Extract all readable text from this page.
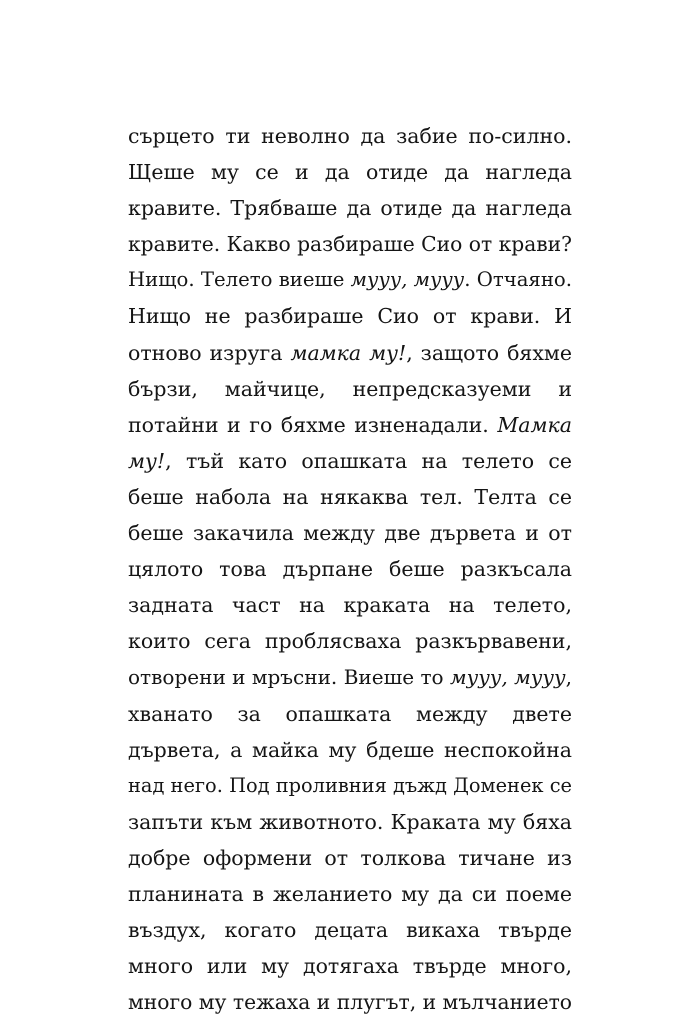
сърцето ти неволно да забие по-силно.
Щеше му се и да отиде да нагледа
кравите. Трябваше да отиде да нагледа
кравите. Какво разбираше Сио от крави?
Нищо. Телето виеше мууу, мууу. Отчаяно.
Нищо не разбираше Сио от крави. И
отново изруга мамка му!, защото бяхме
бързи, майчице, непредсказуеми и
потайни и го бяхме изненадали. Мамка
му!, тъй като опашката на телето се
беше набола на някаква тел. Телта се
беше закачила между две дървета и от
цялото това дърпане беше разкъсала
задната част на краката на телето,
които сега проблясваха разкървавени,
отворени и мръсни. Виеше то мууу, мууу,
хванато за опашката между двете
дървета, а майка му бдеше неспокойна
над него. Под проливния дъжд Доменек се
запъти към животното. Краката му бяха
добре оформени от толкова тичане из
планината в желанието му да си поеме
въздух, когато децата викаха твърде
много или му дотягаха твърде много,
много му тежаха и плугът, и мълчанието
